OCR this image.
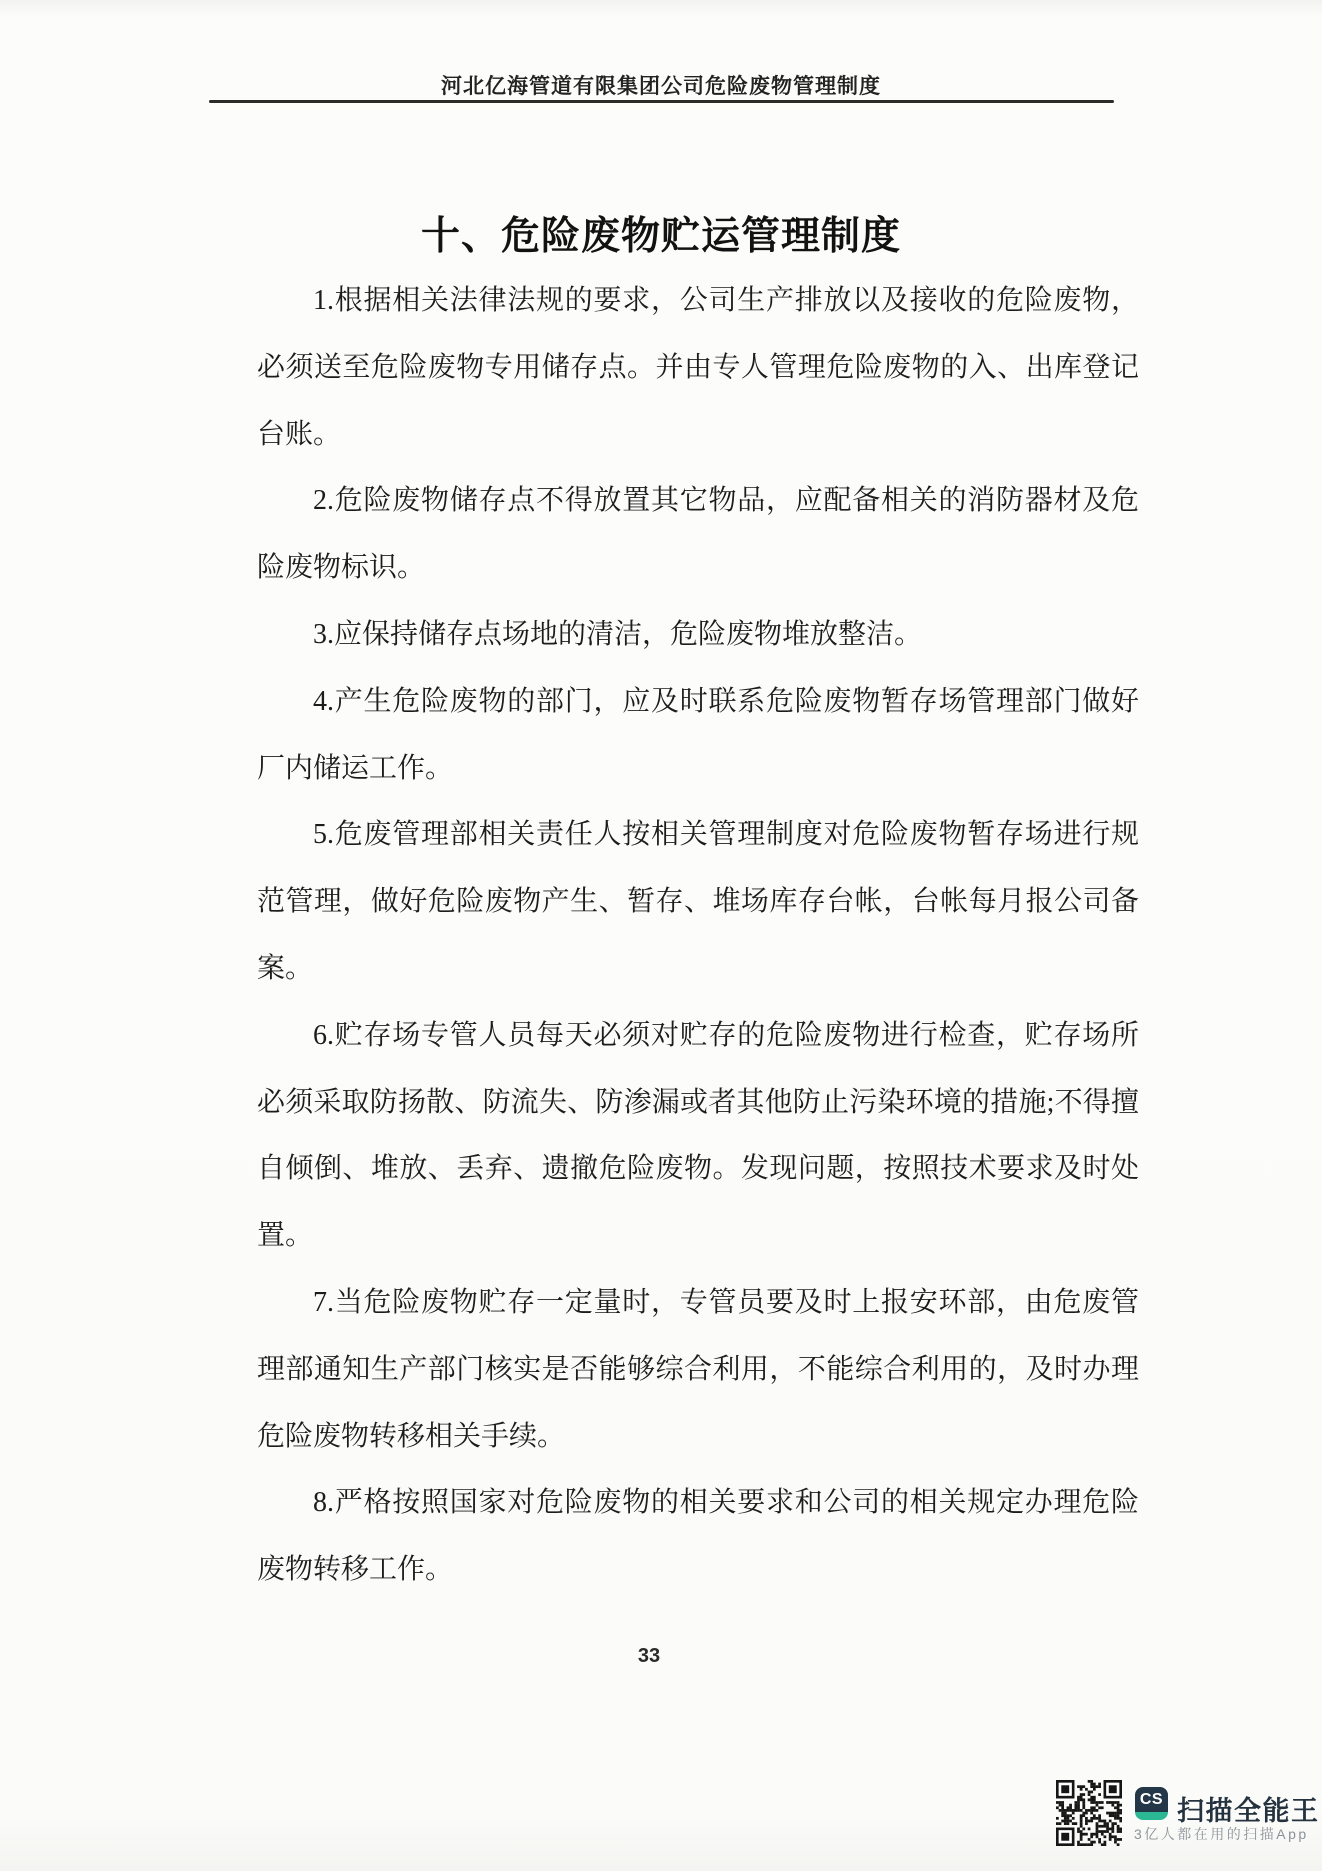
河北亿海管道有限集团公司危险废物管理制度
十、危险废物贮运管理制度

1.根据相关法律法规的要求，公司生产排放以及接收的危险废物，必须送至危险废物专用储存点。并由专人管理危险废物的入、出库登记台账。

2.危险废物储存点不得放置其它物品，应配备相关的消防器材及危险废物标识。

3.应保持储存点场地的清洁，危险废物堆放整洁。

4.产生危险废物的部门，应及时联系危险废物暂存场管理部门做好厂内储运工作。

5.危废管理部相关责任人按相关管理制度对危险废物暂存场进行规范管理，做好危险废物产生、暂存、堆场库存台帐，台帐每月报公司备案。

6.贮存场专管人员每天必须对贮存的危险废物进行检查，贮存场所必须采取防扬散、防流失、防渗漏或者其他防止污染环境的措施;不得擅自倾倒、堆放、丢弃、遗撤危险废物。发现问题，按照技术要求及时处置。

7.当危险废物贮存一定量时，专管员要及时上报安环部，由危废管理部通知生产部门核实是否能够综合利用，不能综合利用的，及时办理危险废物转移相关手续。

8.严格按照国家对危险废物的相关要求和公司的相关规定办理危险废物转移工作。

33
CS 扫描全能王
3亿人都在用的扫描App
